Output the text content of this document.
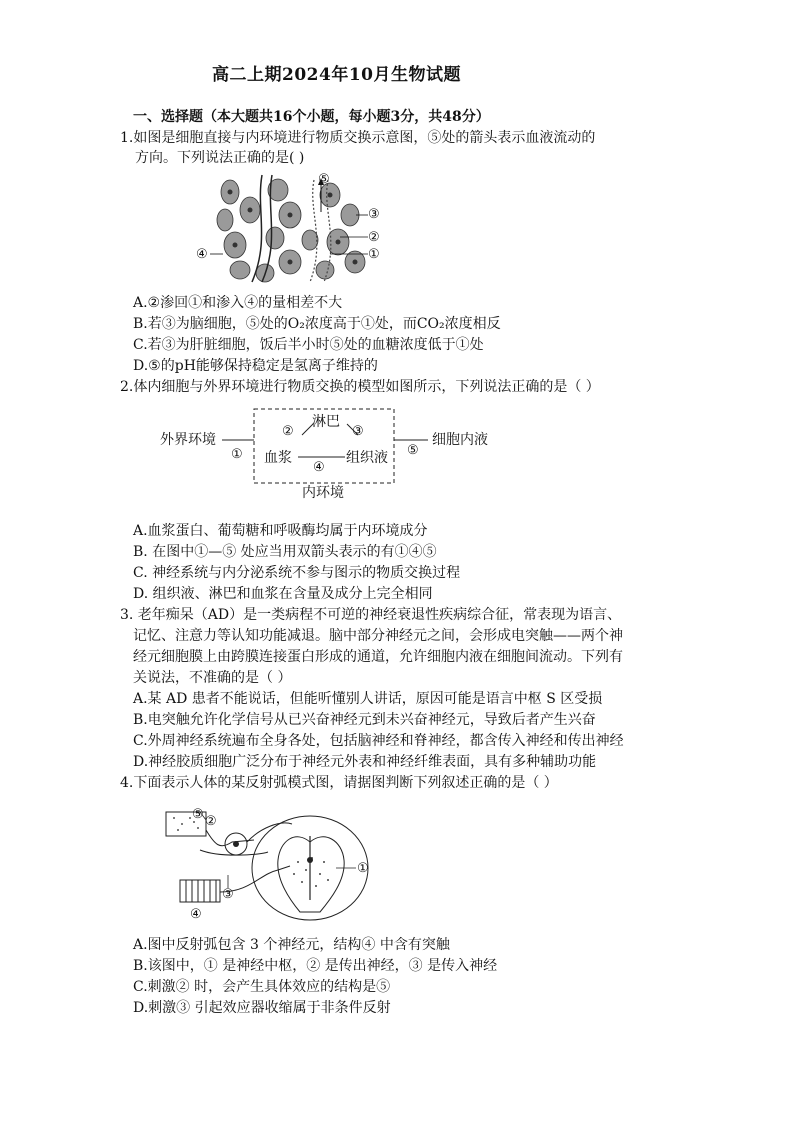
高二上期2024年10月生物试题
一、选择题（本大题共16个小题，每小题3分，共48分）
1.如图是细胞直接与内环境进行物质交换示意图，⑤处的箭头表示血液流动的
方向。下列说法正确的是( )
⑤
③
②
①
④
A.②渗回①和渗入④的量相差不大
B.若③为脑细胞，⑤处的O₂浓度高于①处，而CO₂浓度相反
C.若③为肝脏细胞，饭后半小时⑤处的血糖浓度低于①处
D.⑤的pH能够保持稳定是氢离子维持的
2.体内细胞与外界环境进行物质交换的模型如图所示，下列说法正确的是（ ）
外界环境
淋巴
血浆	组织液
细胞内液
内环境
①
②	③
④
⑤
A.血浆蛋白、葡萄糖和呼吸酶均属于内环境成分
B. 在图中①—⑤ 处应当用双箭头表示的有①④⑤
C. 神经系统与内分泌系统不参与图示的物质交换过程
D. 组织液、淋巴和血浆在含量及成分上完全相同
3. 老年痴呆（AD）是一类病程不可逆的神经衰退性疾病综合征，常表现为语言、
记忆、注意力等认知功能减退。脑中部分神经元之间，会形成电突触——两个神
经元细胞膜上由跨膜连接蛋白形成的通道，允许细胞内液在细胞间流动。下列有
关说法，不准确的是（ ）
A.某 AD 患者不能说话，但能听懂别人讲话，原因可能是语言中枢 S 区受损
B.电突触允许化学信号从已兴奋神经元到未兴奋神经元，导致后者产生兴奋
C.外周神经系统遍布全身各处，包括脑神经和脊神经，都含传入神经和传出神经
D.神经胶质细胞广泛分布于神经元外表和神经纤维表面，具有多种辅助功能
4.下面表示人体的某反射弧模式图，请据图判断下列叙述正确的是（ ）
⑤ ②
③
④
①
A.图中反射弧包含 3 个神经元，结构④ 中含有突触
B.该图中，① 是神经中枢，② 是传出神经，③ 是传入神经
C.刺激② 时，会产生具体效应的结构是⑤
D.刺激③ 引起效应器收缩属于非条件反射
